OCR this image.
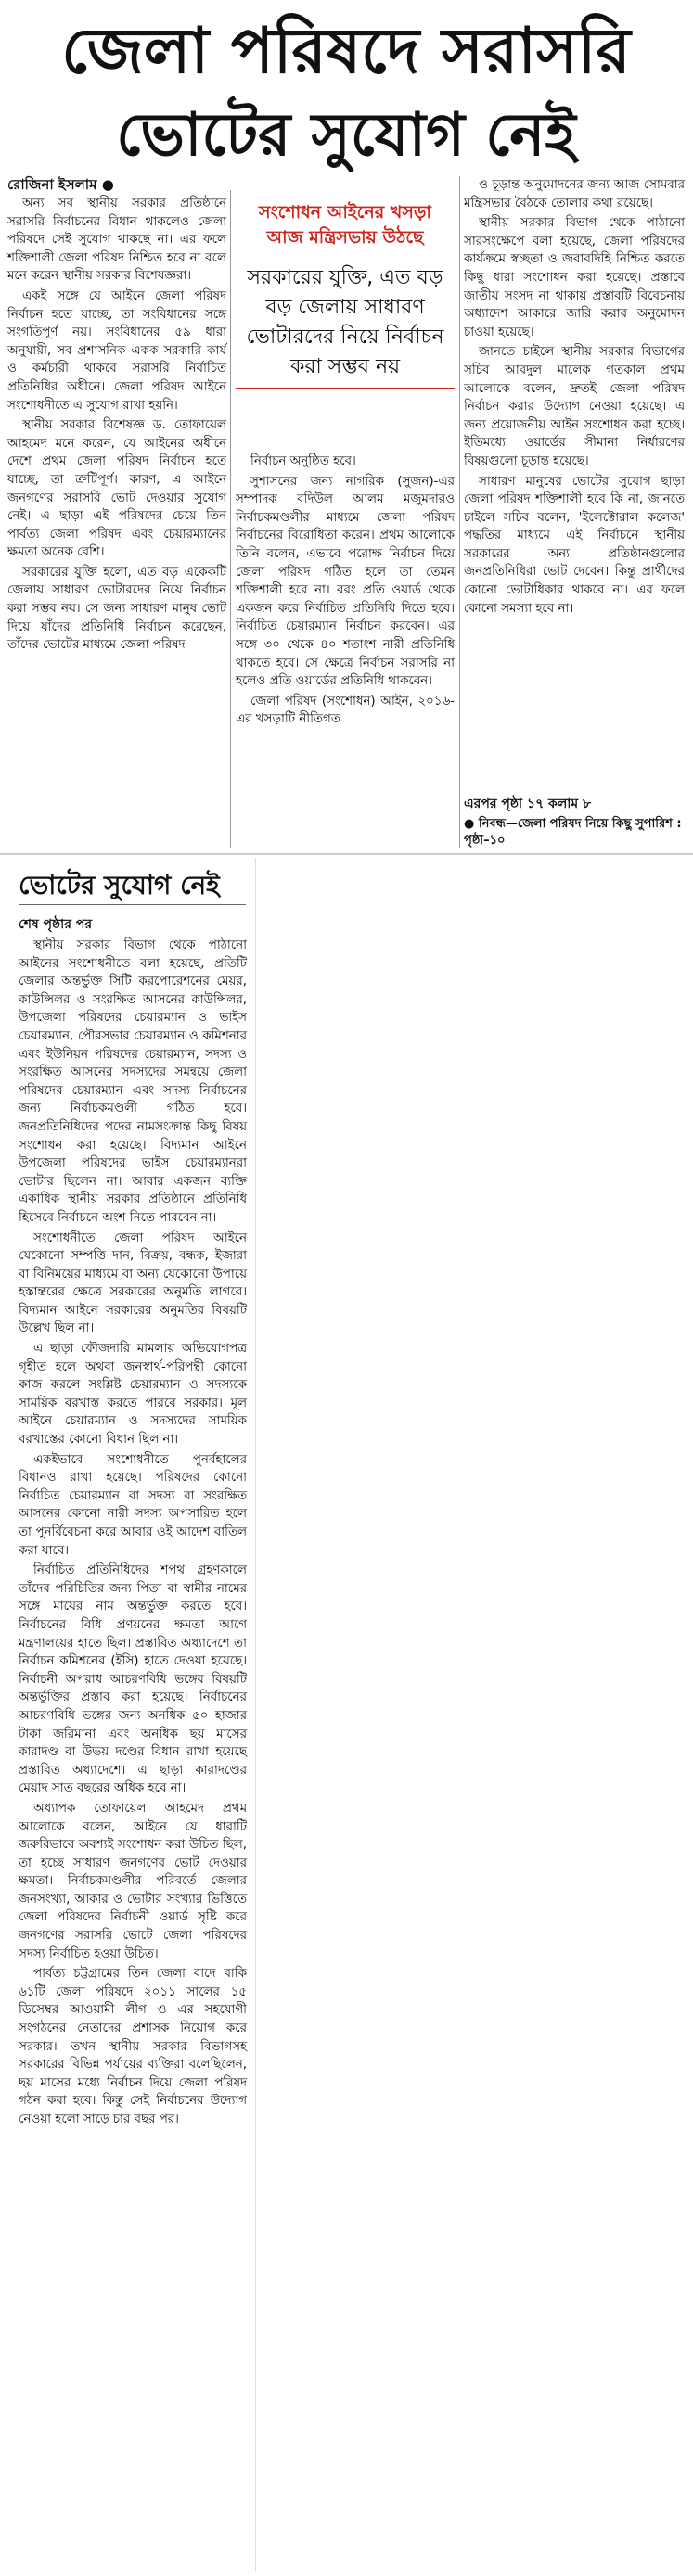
জেলা পরিষদে সরাসরি
ভোটের সুযোগ নেই
রোজিনা ইসলাম ●

অন্য সব স্থানীয় সরকার প্রতিষ্ঠানে সরাসরি নির্বাচনের বিধান থাকলেও জেলা পরিষদে সেই সুযোগ থাকছে না। এর ফলে শক্তিশালী জেলা পরিষদ নিশ্চিত হবে না বলে মনে করেন স্থানীয় সরকার বিশেষজ্ঞরা।

একই সঙ্গে যে আইনে জেলা পরিষদ নির্বাচন হতে যাচ্ছে, তা সংবিধানের সঙ্গে সংগতিপূর্ণ নয়। সংবিধানের ৫৯ ধারা অনুযায়ী, সব প্রশাসনিক একক সরকারি কার্য ও কর্মচারী থাকবে সরাসরি নির্বাচিত প্রতিনিধির অধীনে। জেলা পরিষদ আইনে সংশোধনীতে এ সুযোগ রাখা হয়নি।

স্থানীয় সরকার বিশেষজ্ঞ ড. তোফায়েল আহমেদ মনে করেন, যে আইনের অধীনে দেশে প্রথম জেলা পরিষদ নির্বাচন হতে যাচ্ছে, তা ত্রুটিপূর্ণ। কারণ, এ আইনে জনগণের সরাসরি ভোট দেওয়ার সুযোগ নেই। এ ছাড়া এই পরিষদের চেয়ে তিন পার্বত্য জেলা পরিষদ এবং চেয়ারম্যানের ক্ষমতা অনেক বেশি।

সরকারের যুক্তি হলো, এত বড় একেকটি জেলায় সাধারণ ভোটারদের নিয়ে নির্বাচন করা সম্ভব নয়। সে জন্য সাধারণ মানুষ ভোট দিয়ে যাঁদের প্রতিনিধি নির্বাচন করেছেন, তাঁদের ভোটের মাধ্যমে জেলা পরিষদ

সংশোধন আইনের খসড়া
আজ মন্ত্রিসভায় উঠছে
সরকারের যুক্তি, এত বড় বড় জেলায় সাধারণ ভোটারদের নিয়ে নির্বাচন করা সম্ভব নয়

নির্বাচন অনুষ্ঠিত হবে।

সুশাসনের জন্য নাগরিক (সুজন)-এর সম্পাদক বদিউল আলম মজুমদারও নির্বাচকমণ্ডলীর মাধ্যমে জেলা পরিষদ নির্বাচনের বিরোধিতা করেন। প্রথম আলোকে তিনি বলেন, এভাবে পরোক্ষ নির্বাচন দিয়ে জেলা পরিষদ গঠিত হলে তা তেমন শক্তিশালী হবে না। বরং প্রতি ওয়ার্ড থেকে একজন করে নির্বাচিত প্রতিনিধি দিতে হবে। নির্বাচিত চেয়ারম্যান নির্বাচন করবেন। এর সঙ্গে ৩০ থেকে ৪০ শতাংশ নারী প্রতিনিধি থাকতে হবে। সে ক্ষেত্রে নির্বাচন সরাসরি না হলেও প্রতি ওয়ার্ডের প্রতিনিধি থাকবেন।

জেলা পরিষদ (সংশোধন) আইন, ২০১৬-এর খসড়াটি নীতিগত

ও চূড়ান্ত অনুমোদনের জন্য আজ সোমবার মন্ত্রিসভার বৈঠকে তোলার কথা রয়েছে।

স্থানীয় সরকার বিভাগ থেকে পাঠানো সারসংক্ষেপে বলা হয়েছে, জেলা পরিষদের কার্যক্রমে স্বচ্ছতা ও জবাবদিহি নিশ্চিত করতে কিছু ধারা সংশোধন করা হয়েছে। প্রস্তাবে জাতীয় সংসদ না থাকায় প্রস্তাবটি বিবেচনায় অধ্যাদেশ আকারে জারি করার অনুমোদন চাওয়া হয়েছে।

জানতে চাইলে স্থানীয় সরকার বিভাগের সচিব আবদুল মালেক গতকাল প্রথম আলোকে বলেন, দ্রুতই জেলা পরিষদ নির্বাচন করার উদ্যোগ নেওয়া হয়েছে। এ জন্য প্রয়োজনীয় আইন সংশোধন করা হচ্ছে। ইতিমধ্যে ওয়ার্ডের সীমানা নির্ধারণের বিষয়গুলো চূড়ান্ত হয়েছে।

সাধারণ মানুষের ভোটের সুযোগ ছাড়া জেলা পরিষদ শক্তিশালী হবে কি না, জানতে চাইলে সচিব বলেন, 'ইলেক্টোরাল কলেজ' পদ্ধতির মাধ্যমে এই নির্বাচনে স্থানীয় সরকারের অন্য প্রতিষ্ঠানগুলোর জনপ্রতিনিধিরা ভোট দেবেন। কিন্তু প্রার্থীদের কোনো ভোটাধিকার থাকবে না। এর ফলে কোনো সমস্যা হবে না।

এরপর পৃষ্ঠা ১৭ কলাম ৮
● নিবন্ধ—জেলা পরিষদ নিয়ে কিছু সুপারিশ : পৃষ্ঠা–১০
ভোটের সুযোগ নেই
শেষ পৃষ্ঠার পর

স্থানীয় সরকার বিভাগ থেকে পাঠানো আইনের সংশোধনীতে বলা হয়েছে, প্রতিটি জেলার অন্তর্ভুক্ত সিটি করপোরেশনের মেয়র, কাউন্সিলর ও সংরক্ষিত আসনের কাউন্সিলর, উপজেলা পরিষদের চেয়ারম্যান ও ভাইস চেয়ারম্যান, পৌরসভার চেয়ারম্যান ও কমিশনার এবং ইউনিয়ন পরিষদের চেয়ারম্যান, সদস্য ও সংরক্ষিত আসনের সদস্যদের সমন্বয়ে জেলা পরিষদের চেয়ারম্যান এবং সদস্য নির্বাচনের জন্য নির্বাচকমণ্ডলী গঠিত হবে। জনপ্রতিনিধিদের পদের নামসংক্রান্ত কিছু বিষয় সংশোধন করা হয়েছে। বিদ্যমান আইনে উপজেলা পরিষদের ভাইস চেয়ারম্যানরা ভোটার ছিলেন না। আবার একজন ব্যক্তি একাধিক স্থানীয় সরকার প্রতিষ্ঠানে প্রতিনিধি হিসেবে নির্বাচনে অংশ নিতে পারবেন না।

সংশোধনীতে জেলা পরিষদ আইনে যেকোনো সম্পত্তি দান, বিক্রয়, বন্ধক, ইজারা বা বিনিময়ের মাধ্যমে বা অন্য যেকোনো উপায়ে হস্তান্তরের ক্ষেত্রে সরকারের অনুমতি লাগবে। বিদ্যমান আইনে সরকারের অনুমতির বিষয়টি উল্লেখ ছিল না।

এ ছাড়া ফৌজদারি মামলায় অভিযোগপত্র গৃহীত হলে অথবা জনস্বার্থ-পরিপন্থী কোনো কাজ করলে সংশ্লিষ্ট চেয়ারম্যান ও সদস্যকে সাময়িক বরখাস্ত করতে পারবে সরকার। মূল আইনে চেয়ারম্যান ও সদস্যদের সাময়িক বরখাস্তের কোনো বিধান ছিল না।

একইভাবে সংশোধনীতে পুনর্বহালের বিধানও রাখা হয়েছে। পরিষদের কোনো নির্বাচিত চেয়ারম্যান বা সদস্য বা সংরক্ষিত আসনের কোনো নারী সদস্য অপসারিত হলে তা পুনর্বিবেচনা করে আবার ওই আদেশ বাতিল করা যাবে।

নির্বাচিত প্রতিনিধিদের শপথ গ্রহণকালে তাঁদের পরিচিতির জন্য পিতা বা স্বামীর নামের সঙ্গে মায়ের নাম অন্তর্ভুক্ত করতে হবে। নির্বাচনের বিধি প্রণয়নের ক্ষমতা আগে মন্ত্রণালয়ের হাতে ছিল। প্রস্তাবিত অধ্যাদেশে তা নির্বাচন কমিশনের (ইসি) হাতে দেওয়া হয়েছে। নির্বাচনী অপরাধ আচরণবিধি ভঙ্গের বিষয়টি অন্তর্ভুক্তির প্রস্তাব করা হয়েছে। নির্বাচনের আচরণবিধি ভঙ্গের জন্য অনধিক ৫০ হাজার টাকা জরিমানা এবং অনধিক ছয় মাসের কারাদণ্ড বা উভয় দণ্ডের বিধান রাখা হয়েছে প্রস্তাবিত অধ্যাদেশে। এ ছাড়া কারাদণ্ডের মেয়াদ সাত বছরের অধিক হবে না।

অধ্যাপক তোফায়েল আহমেদ প্রথম আলোকে বলেন, আইনে যে ধারাটি জরুরিভাবে অবশ্যই সংশোধন করা উচিত ছিল, তা হচ্ছে সাধারণ জনগণের ভোট দেওয়ার ক্ষমতা। নির্বাচকমণ্ডলীর পরিবর্তে জেলার জনসংখ্যা, আকার ও ভোটার সংখ্যার ভিত্তিতে জেলা পরিষদের নির্বাচনী ওয়ার্ড সৃষ্টি করে জনগণের সরাসরি ভোটে জেলা পরিষদের সদস্য নির্বাচিত হওয়া উচিত।

পার্বত্য চট্টগ্রামের তিন জেলা বাদে বাকি ৬১টি জেলা পরিষদে ২০১১ সালের ১৫ ডিসেম্বর আওয়ামী লীগ ও এর সহযোগী সংগঠনের নেতাদের প্রশাসক নিয়োগ করে সরকার। তখন স্থানীয় সরকার বিভাগসহ সরকারের বিভিন্ন পর্যায়ের ব্যক্তিরা বলেছিলেন, ছয় মাসের মধ্যে নির্বাচন দিয়ে জেলা পরিষদ গঠন করা হবে। কিন্তু সেই নির্বাচনের উদ্যোগ নেওয়া হলো সাড়ে চার বছর পর।
